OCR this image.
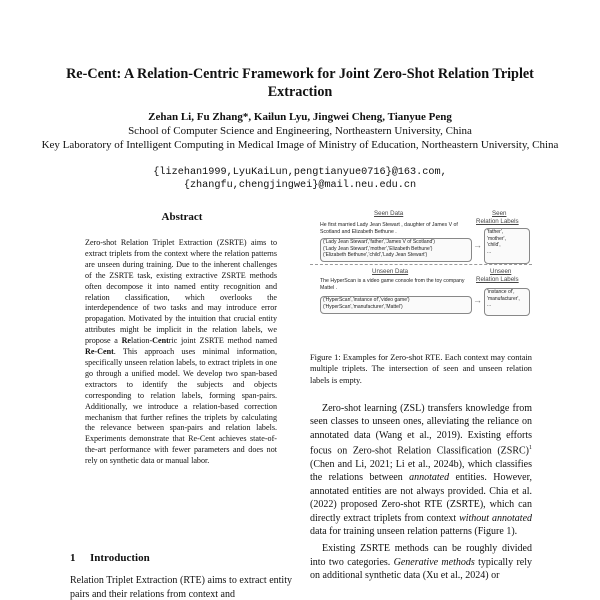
Re-Cent: A Relation-Centric Framework for Joint Zero-Shot Relation Triplet Extraction
Zehan Li, Fu Zhang*, Kailun Lyu, Jingwei Cheng, Tianyue Peng
School of Computer Science and Engineering, Northeastern University, China
Key Laboratory of Intelligent Computing in Medical Image of Ministry of Education, Northeastern University, China
{lizehan1999,LyuKaiLun,pengtianyue0716}@163.com,
{zhangfu,chengjingwei}@mail.neu.edu.cn
Abstract

Zero-shot Relation Triplet Extraction (ZSRTE) aims to extract triplets from the context where the relation patterns are unseen during training. Due to the inherent challenges of the ZSRTE task, existing extractive ZSRTE methods often decompose it into named entity recognition and relation classification, which overlooks the interdependence of two tasks and may introduce error propagation. Motivated by the intuition that crucial entity attributes might be implicit in the relation labels, we propose a Relation-Centric joint ZSRTE method named Re-Cent. This approach uses minimal information, specifically unseen relation labels, to extract triplets in one go through a unified model. We develop two span-based extractors to identify the subjects and objects corresponding to relation labels, forming span-pairs. Additionally, we introduce a relation-based correction mechanism that further refines the triplets by calculating the relevance between span-pairs and relation labels. Experiments demonstrate that Re-Cent achieves state-of-the-art performance with fewer parameters and does not rely on synthetic data or manual labor.

1 Introduction

Relation Triplet Extraction (RTE) aims to extract entity pairs and their relations from context and

Seen Data	Seen
Relation Labels
He first married Lady Jean Stewart , daughter of James V of Scotland and Elizabeth Bethune .
('Lady Jean Stewart','father','James V of Scotland')
('Lady Jean Stewart','mother','Elizabeth Bethune')
('Elizabeth Bethune','child','Lady Jean Stewart')
→
'father',
'mother',
'child',
...
Unseen Data	Unseen
Relation Labels
The HyperScan is a video game console from the toy company Mattel .
('HyperScan','instance of','video game')
('HyperScan','manufacturer','Mattel')
→
'instance of',
'manufacturer',
...
Figure 1: Examples for Zero-shot RTE. Each context may contain multiple triplets. The intersection of seen and unseen relation labels is empty.

Zero-shot learning (ZSL) transfers knowledge from seen classes to unseen ones, alleviating the reliance on annotated data (Wang et al., 2019). Existing efforts focus on Zero-shot Relation Classification (ZSRC)$^1$ (Chen and Li, 2021; Li et al., 2024b), which classifies the relations between annotated entities. However, annotated entities are not always provided. Chia et al. (2022) proposed Zero-shot RTE (ZSRTE), which can directly extract triplets from context without annotated data for training unseen relation patterns (Figure 1).

Existing ZSRTE methods can be roughly divided into two categories. Generative methods typically rely on additional synthetic data (Xu et al., 2024) or
